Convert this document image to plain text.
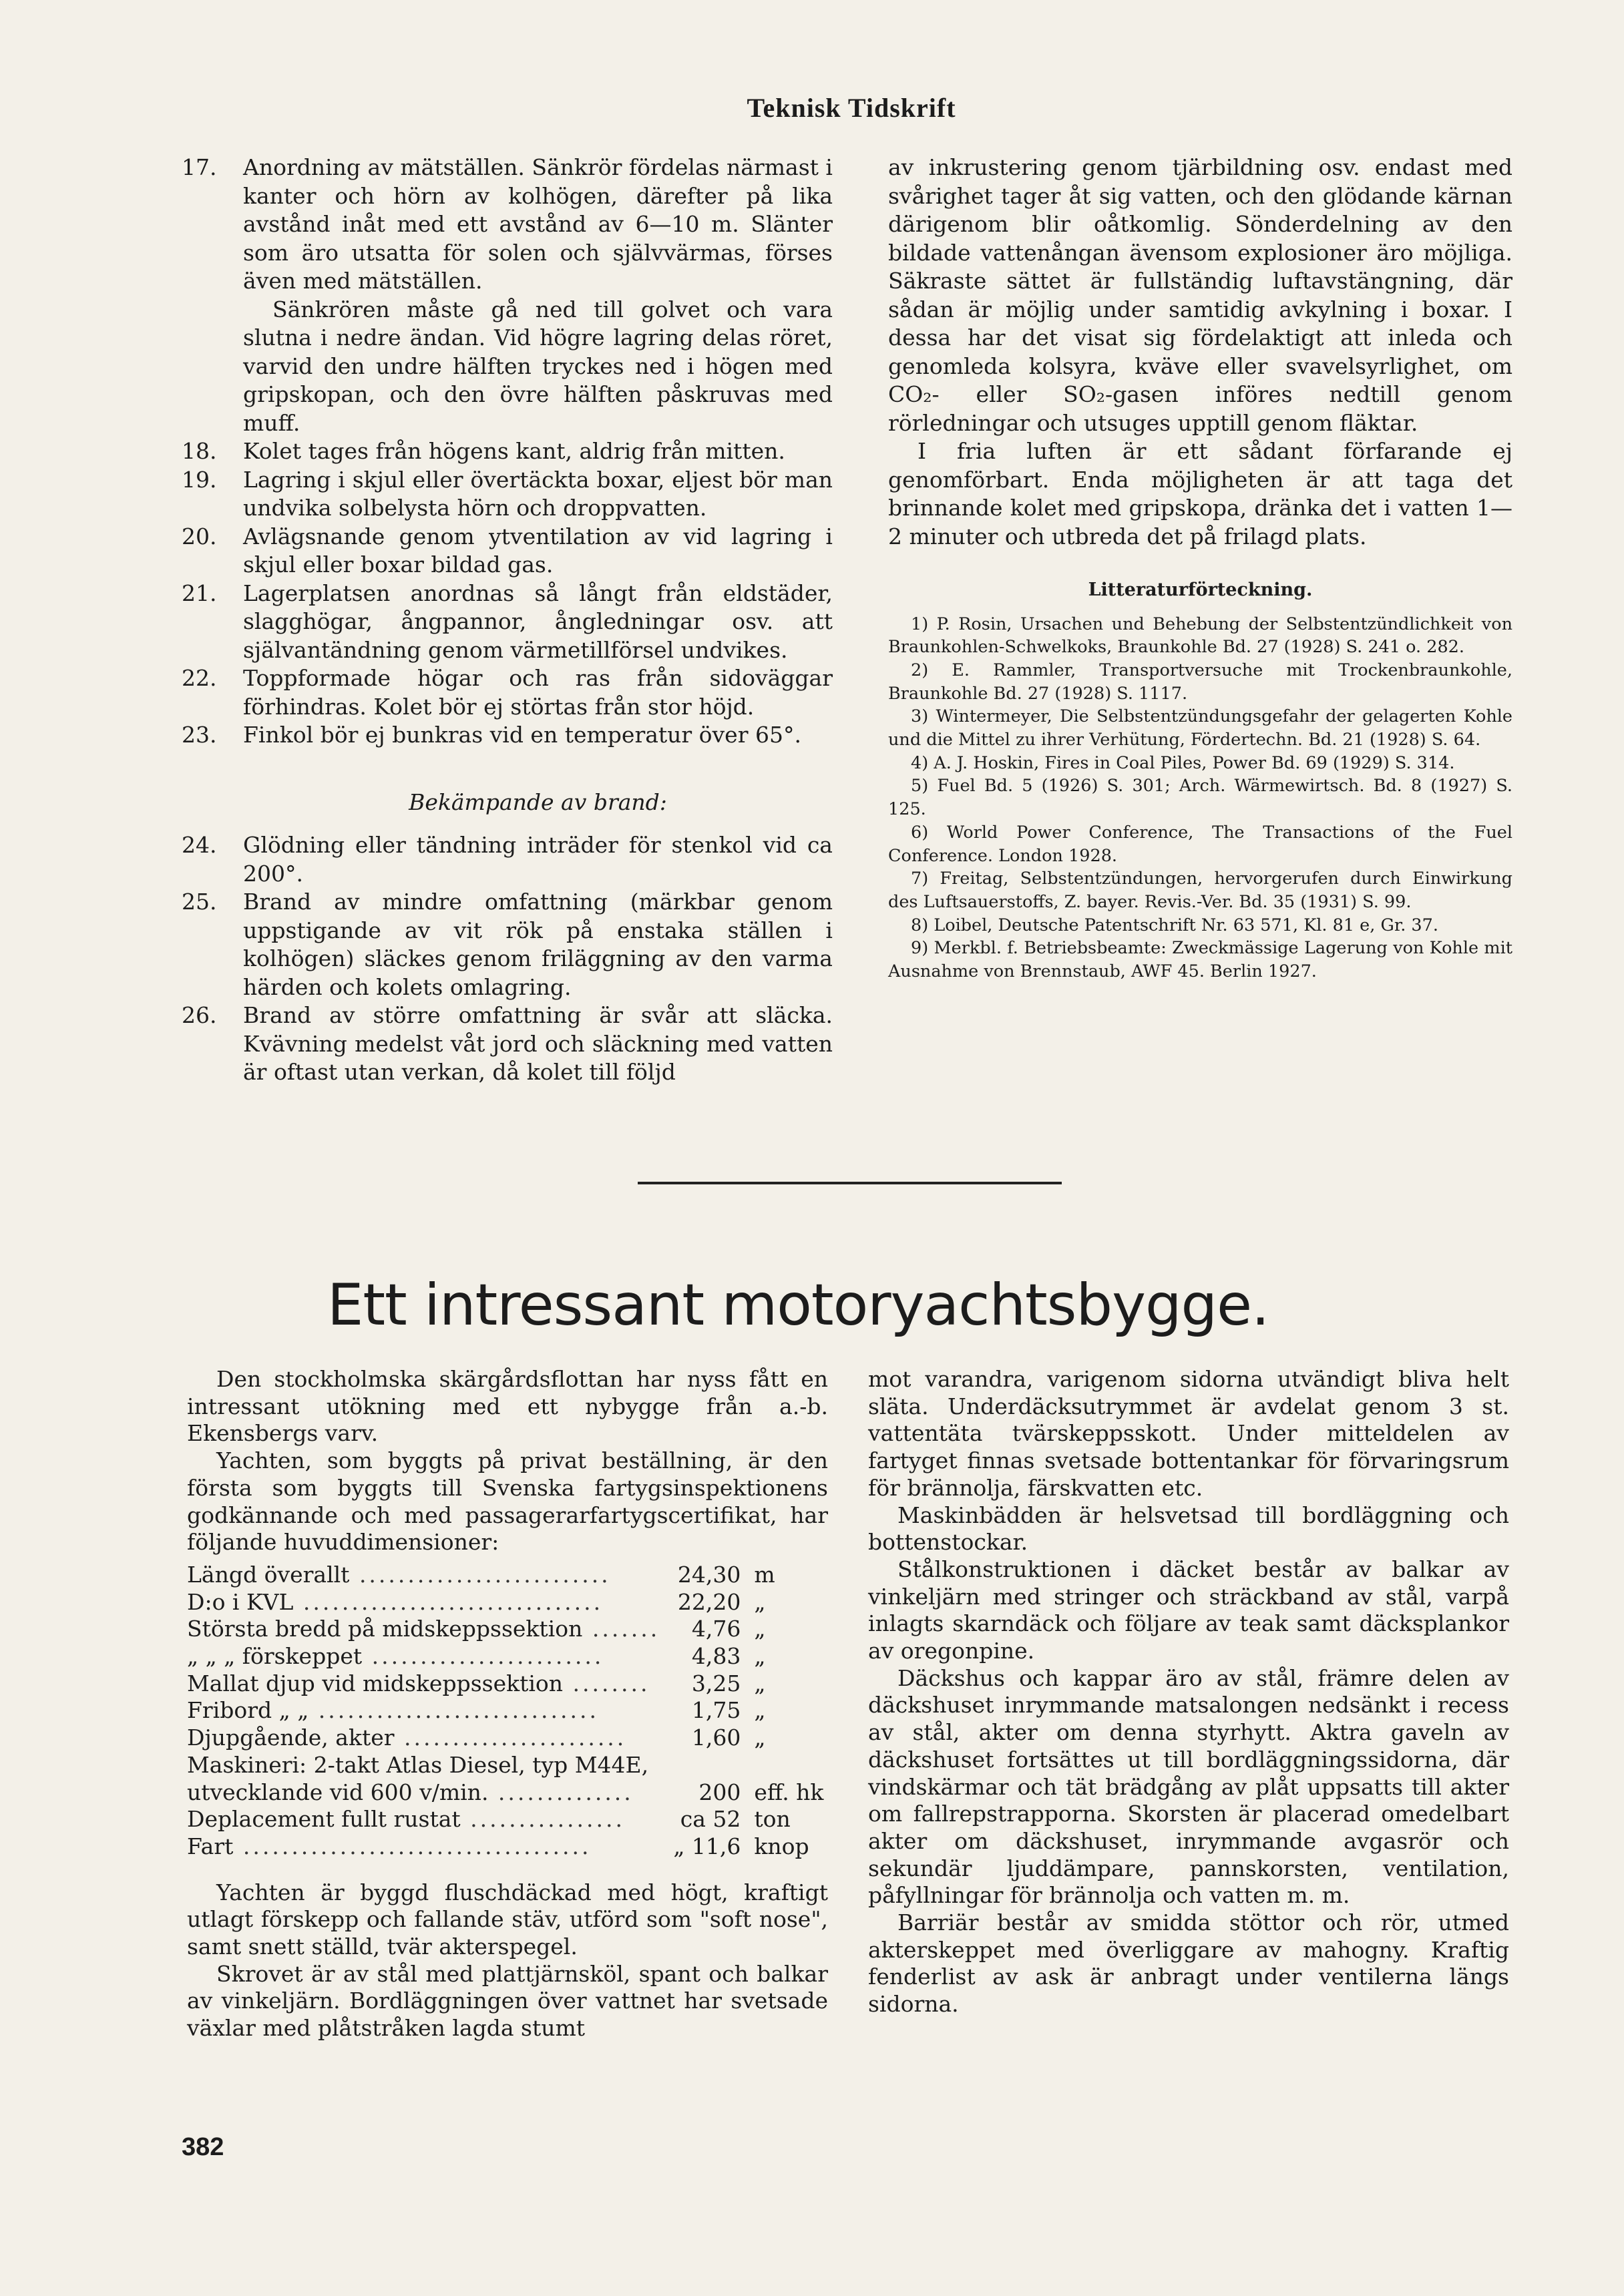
Teknisk Tidskrift
17. Anordning av mätställen. Sänkrör fördelas närmast i kanter och hörn av kolhögen, därefter på lika avstånd inåt med ett avstånd av 6—10 m. Slänter som äro utsatta för solen och självvärmas, förses även med mätställen.

Sänkrören måste gå ned till golvet och vara slutna i nedre ändan. Vid högre lagring delas röret, varvid den undre hälften tryckes ned i högen med gripskopan, och den övre hälften påskruvas med muff.

18. Kolet tages från högens kant, aldrig från mitten.

19. Lagring i skjul eller övertäckta boxar, eljest bör man undvika solbelysta hörn och droppvatten.

20. Avlägsnande genom ytventilation av vid lagring i skjul eller boxar bildad gas.

21. Lagerplatsen anordnas så långt från eldstäder, slagghögar, ångpannor, ångledningar osv. att självantändning genom värmetillförsel undvikes.

22. Toppformade högar och ras från sidoväggar förhindras. Kolet bör ej störtas från stor höjd.

23. Finkol bör ej bunkras vid en temperatur över 65°.

Bekämpande av brand:
24. Glödning eller tändning inträder för stenkol vid ca 200°.

25. Brand av mindre omfattning (märkbar genom uppstigande av vit rök på enstaka ställen i kolhögen) släckes genom friläggning av den varma härden och kolets omlagring.

26. Brand av större omfattning är svår att släcka. Kvävning medelst våt jord och släckning med vatten är oftast utan verkan, då kolet till följd

av inkrustering genom tjärbildning osv. endast med svårighet tager åt sig vatten, och den glödande kärnan därigenom blir oåtkomlig. Sönderdelning av den bildade vattenångan ävensom explosioner äro möjliga. Säkraste sättet är fullständig luftavstängning, där sådan är möjlig under samtidig avkylning i boxar. I dessa har det visat sig fördelaktigt att inleda och genomleda kolsyra, kväve eller svavelsyrlighet, om CO₂- eller SO₂-gasen införes nedtill genom rörledningar och utsuges upptill genom fläktar.

I fria luften är ett sådant förfarande ej genomförbart. Enda möjligheten är att taga det brinnande kolet med gripskopa, dränka det i vatten 1—2 minuter och utbreda det på frilagd plats.

Litteraturförteckning.

1) P. Rosin, Ursachen und Behebung der Selbstentzündlichkeit von Braunkohlen-Schwelkoks, Braunkohle Bd. 27 (1928) S. 241 o. 282.

2) E. Rammler, Transportversuche mit Trockenbraunkohle, Braunkohle Bd. 27 (1928) S. 1117.

3) Wintermeyer, Die Selbstentzündungsgefahr der gelagerten Kohle und die Mittel zu ihrer Verhütung, Fördertechn. Bd. 21 (1928) S. 64.

4) A. J. Hoskin, Fires in Coal Piles, Power Bd. 69 (1929) S. 314.

5) Fuel Bd. 5 (1926) S. 301; Arch. Wärmewirtsch. Bd. 8 (1927) S. 125.

6) World Power Conference, The Transactions of the Fuel Conference. London 1928.

7) Freitag, Selbstentzündungen, hervorgerufen durch Einwirkung des Luftsauerstoffs, Z. bayer. Revis.-Ver. Bd. 35 (1931) S. 99.

8) Loibel, Deutsche Patentschrift Nr. 63 571, Kl. 81 e, Gr. 37.

9) Merkbl. f. Betriebsbeamte: Zweckmässige Lagerung von Kohle mit Ausnahme von Brennstaub, AWF 45. Berlin 1927.

Ett intressant motoryachtsbygge.

Den stockholmska skärgårdsflottan har nyss fått en intressant utökning med ett nybygge från a.-b. Ekensbergs varv.

Yachten, som byggts på privat beställning, är den första som byggts till Svenska fartygsinspektionens godkännande och med passagerarfartygscertifikat, har följande huvuddimensioner:

Längd överallt ..........................	24,30	m
D:o i KVL ...............................	22,20	„
Största bredd på midskeppssektion .......	4,76	„
„ „ „ förskeppet ........................	4,83	„
Mallat djup vid midskeppssektion ........	3,25	„
Fribord „ „ .............................	1,75	„
Djupgående, akter .......................	1,60	„
Maskineri: 2-takt Atlas Diesel, typ M44E,		
utvecklande vid 600 v/min. ..............	200	eff. hk
Deplacement fullt rustat ................	ca 52	ton
Fart ....................................	„ 11,6	knop

Yachten är byggd fluschdäckad med högt, kraftigt utlagt förskepp och fallande stäv, utförd som "soft nose", samt snett ställd, tvär akterspegel.

Skrovet är av stål med plattjärnsköl, spant och balkar av vinkeljärn. Bordläggningen över vattnet har svetsade växlar med plåtstråken lagda stumt

mot varandra, varigenom sidorna utvändigt bliva helt släta. Underdäcksutrymmet är avdelat genom 3 st. vattentäta tvärskeppsskott. Under mitteldelen av fartyget finnas svetsade bottentankar för förvaringsrum för brännolja, färskvatten etc.

Maskinbädden är helsvetsad till bordläggning och bottenstockar.

Stålkonstruktionen i däcket består av balkar av vinkeljärn med stringer och sträckband av stål, varpå inlagts skarndäck och följare av teak samt däcksplankor av oregonpine.

Däckshus och kappar äro av stål, främre delen av däckshuset inrymmande matsalongen nedsänkt i recess av stål, akter om denna styrhytt. Aktra gaveln av däckshuset fortsättes ut till bordläggningssidorna, där vindskärmar och tät brädgång av plåt uppsatts till akter om fallrepstrapporna. Skorsten är placerad omedelbart akter om däckshuset, inrymmande avgasrör och sekundär ljuddämpare, pannskorsten, ventilation, påfyllningar för brännolja och vatten m. m.

Barriär består av smidda stöttor och rör, utmed akterskeppet med överliggare av mahogny. Kraftig fenderlist av ask är anbragt under ventilerna längs sidorna.

382
